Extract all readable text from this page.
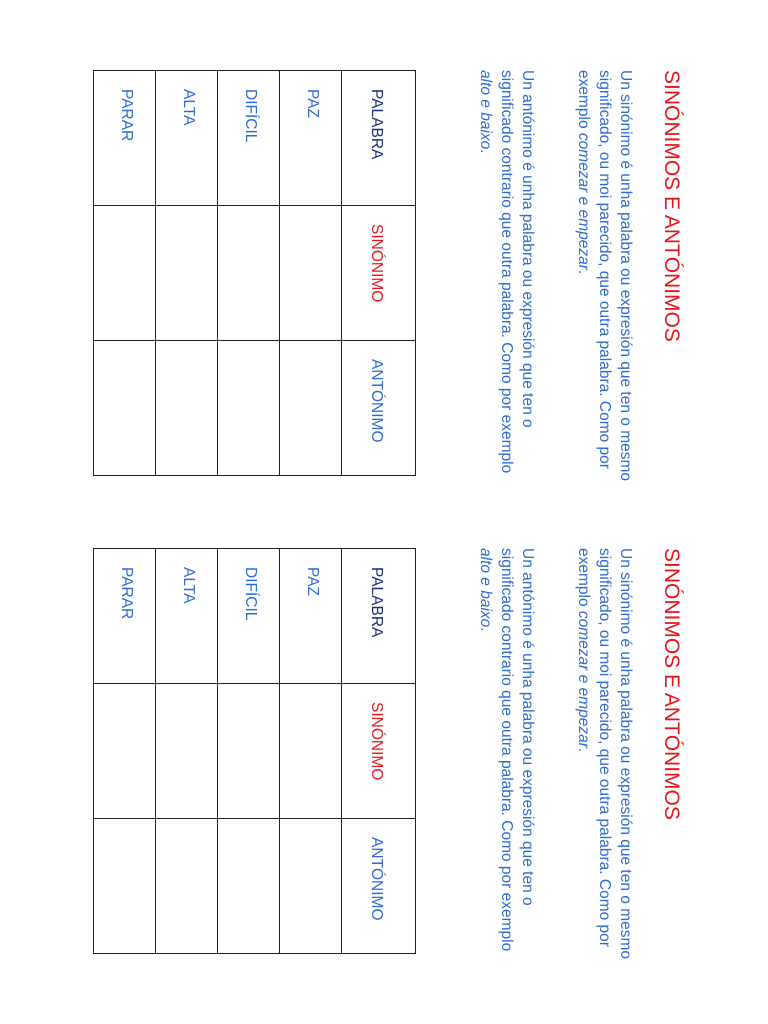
SINÓNIMOS E ANTÓNIMOS
Un sinónimo é unha palabra ou expresión que ten o mesmo significado, ou moi parecido, que outra palabra. Como por exemplo comezar e empezar.
Un antónimo é unha palabra ou expresión que ten o significado contrario que outra palabra. Como por exemplo alto e baixo.
PALABRA	SINÓNIMO	ANTÓNIMO
PAZ		
DIFÍCIL		
ALTA		
PARAR		
SINÓNIMOS E ANTÓNIMOS
Un sinónimo é unha palabra ou expresión que ten o mesmo significado, ou moi parecido, que outra palabra. Como por exemplo comezar e empezar.
Un antónimo é unha palabra ou expresión que ten o significado contrario que outra palabra. Como por exemplo alto e baixo.
PALABRA	SINÓNIMO	ANTÓNIMO
PAZ		
DIFÍCIL		
ALTA		
PARAR		
